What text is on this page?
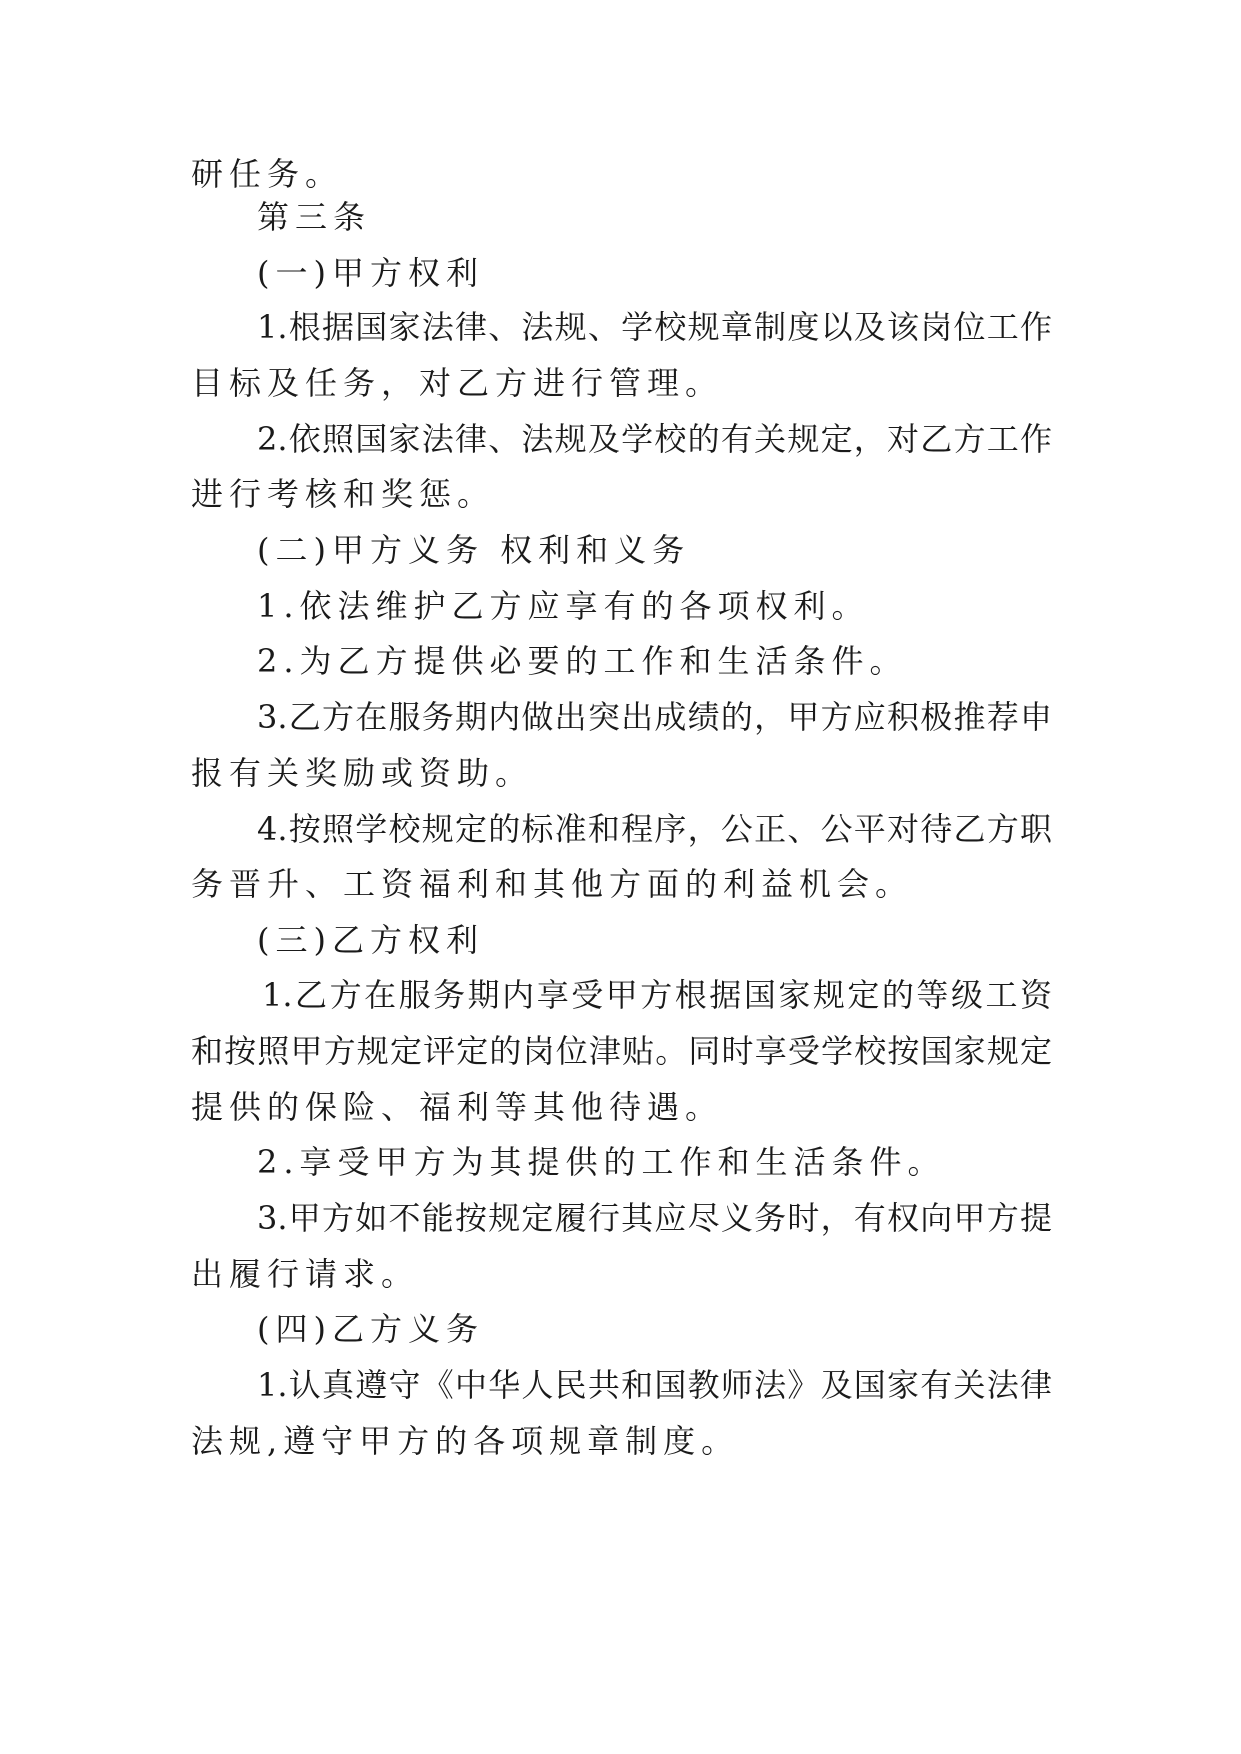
研任务。

第三条

(一)甲方权利

1.根据国家法律、法规、学校规章制度以及该岗位工作

目标及任务，对乙方进行管理。

2.依照国家法律、法规及学校的有关规定，对乙方工作

进行考核和奖惩。

(二)甲方义务 权利和义务

1.依法维护乙方应享有的各项权利。

2.为乙方提供必要的工作和生活条件。

3.乙方在服务期内做出突出成绩的，甲方应积极推荐申

报有关奖励或资助。

4.按照学校规定的标准和程序，公正、公平对待乙方职

务晋升、工资福利和其他方面的利益机会。

(三)乙方权利

1.乙方在服务期内享受甲方根据国家规定的等级工资

和按照甲方规定评定的岗位津贴。同时享受学校按国家规定

提供的保险、福利等其他待遇。

2.享受甲方为其提供的工作和生活条件。

3.甲方如不能按规定履行其应尽义务时，有权向甲方提

出履行请求。

(四)乙方义务

1.认真遵守《中华人民共和国教师法》及国家有关法律

法规,遵守甲方的各项规章制度。
